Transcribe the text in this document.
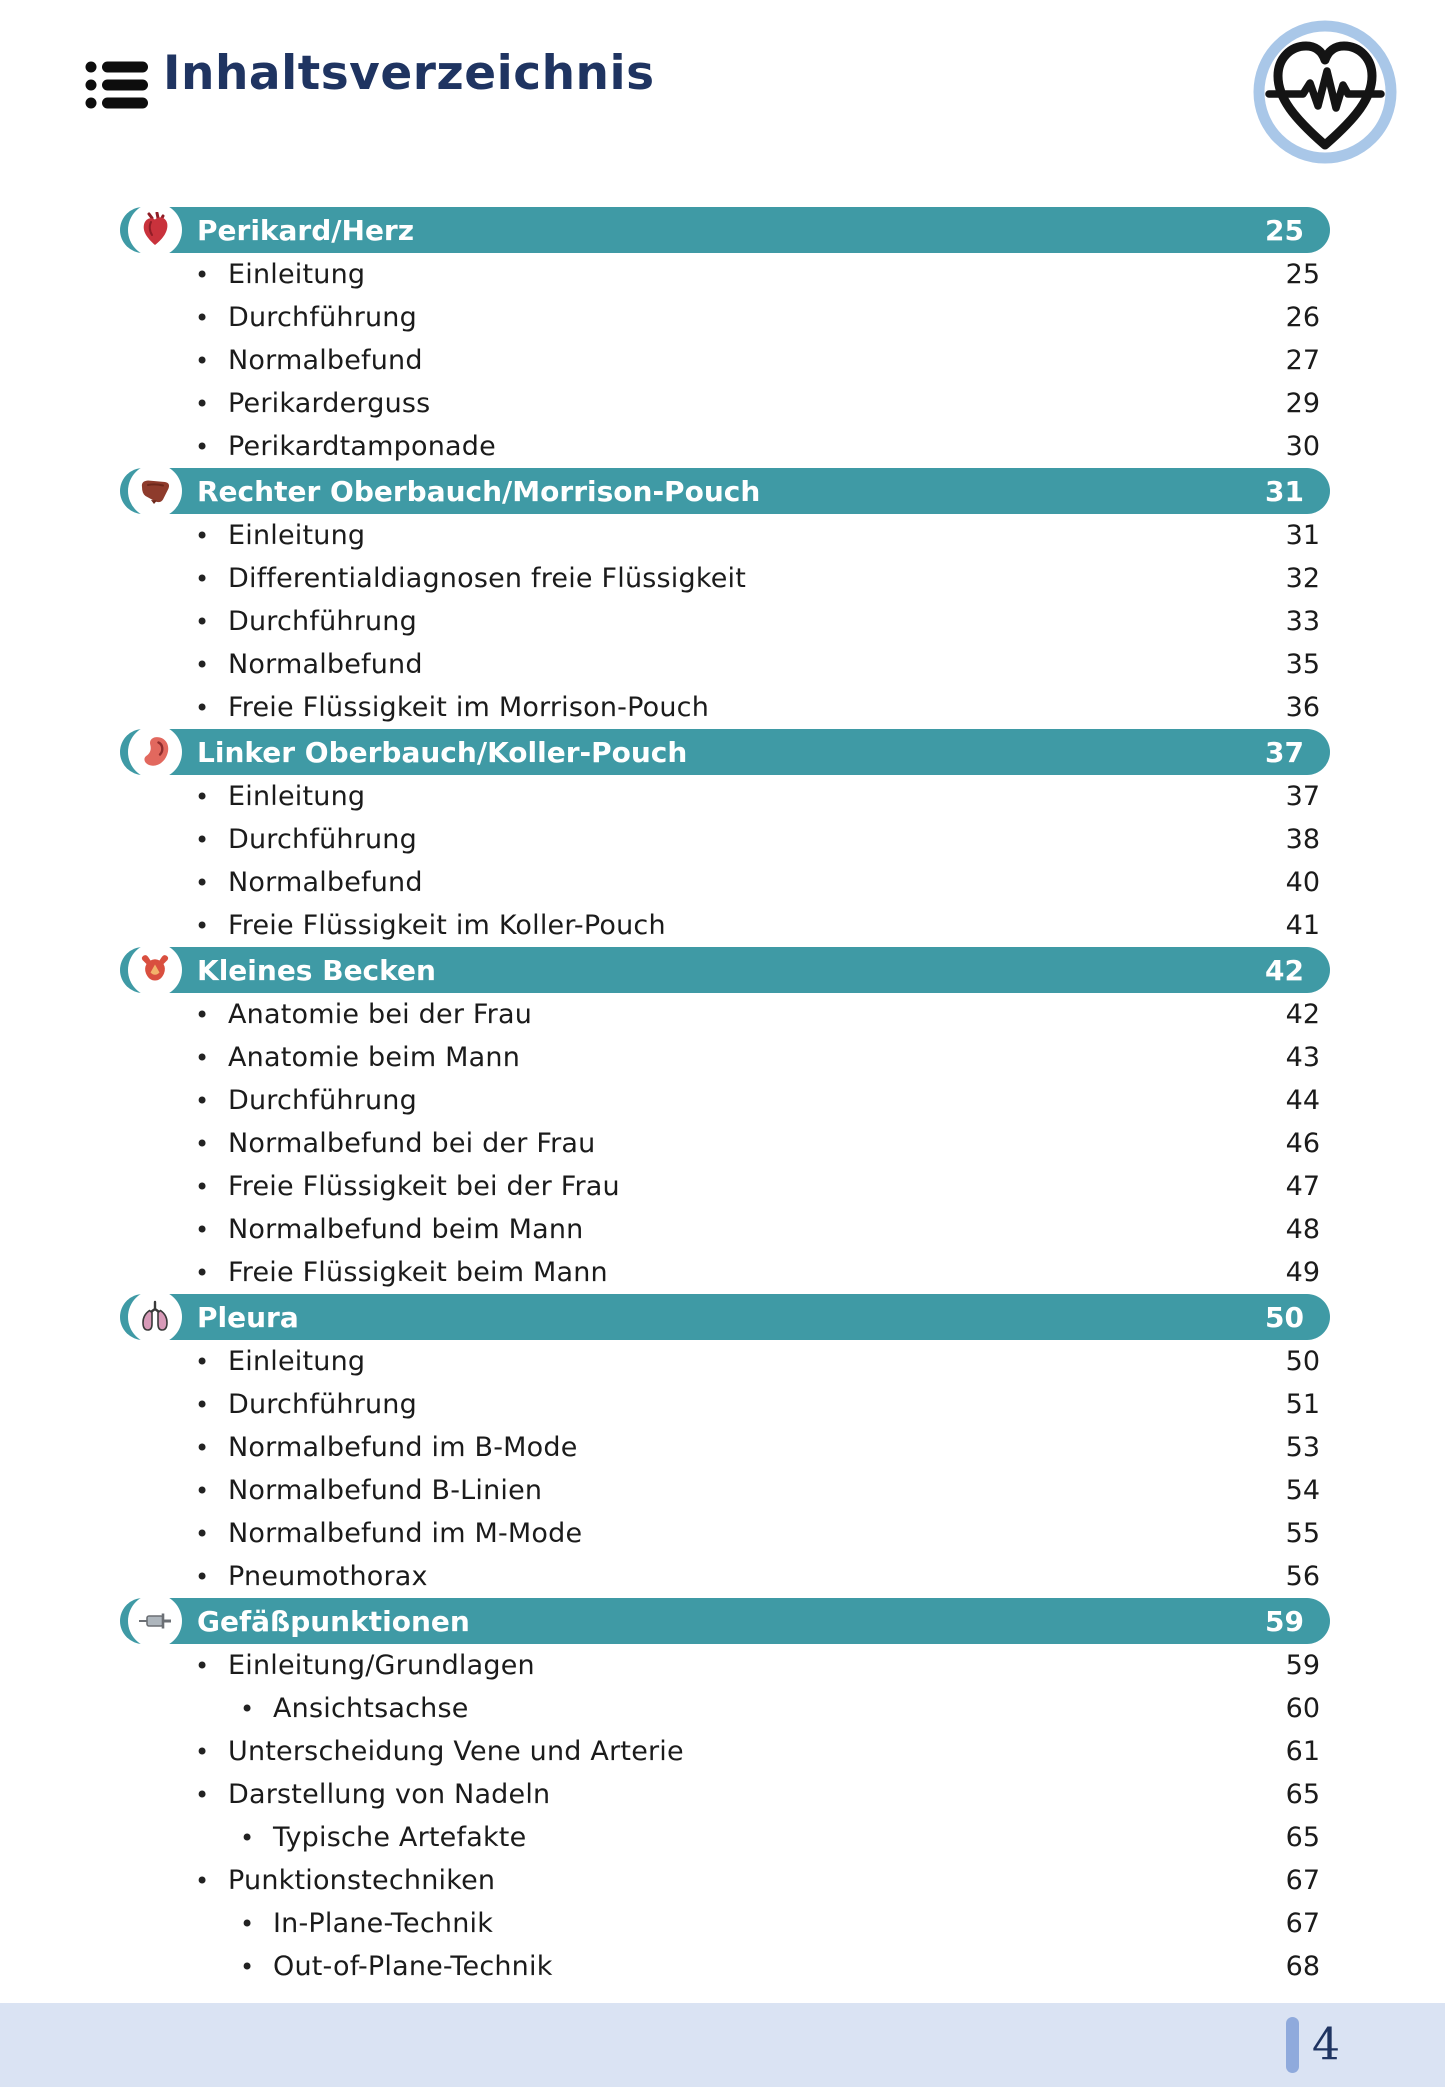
Inhaltsverzeichnis
Perikard/Herz	25
•
Einleitung	25
•
Durchführung	26
•
Normalbefund	27
•
Perikarderguss	29
•
Perikardtamponade	30
Rechter Oberbauch/Morrison-Pouch	31
•
Einleitung	31
•
Differentialdiagnosen freie Flüssigkeit	32
•
Durchführung	33
•
Normalbefund	35
•
Freie Flüssigkeit im Morrison-Pouch	36
Linker Oberbauch/Koller-Pouch	37
•
Einleitung	37
•
Durchführung	38
•
Normalbefund	40
•
Freie Flüssigkeit im Koller-Pouch	41
Kleines Becken	42
•
Anatomie bei der Frau	42
•
Anatomie beim Mann	43
•
Durchführung	44
•
Normalbefund bei der Frau	46
•
Freie Flüssigkeit bei der Frau	47
•
Normalbefund beim Mann	48
•
Freie Flüssigkeit beim Mann	49
Pleura	50
•
Einleitung	50
•
Durchführung	51
•
Normalbefund im B-Mode	53
•
Normalbefund B-Linien	54
•
Normalbefund im M-Mode	55
•
Pneumothorax	56
Gefäßpunktionen	59
•
Einleitung/Grundlagen	59
•
Ansichtsachse	60
•
Unterscheidung Vene und Arterie	61
•
Darstellung von Nadeln	65
•
Typische Artefakte	65
•
Punktionstechniken	67
•
In-Plane-Technik	67
•
Out-of-Plane-Technik	68
4
